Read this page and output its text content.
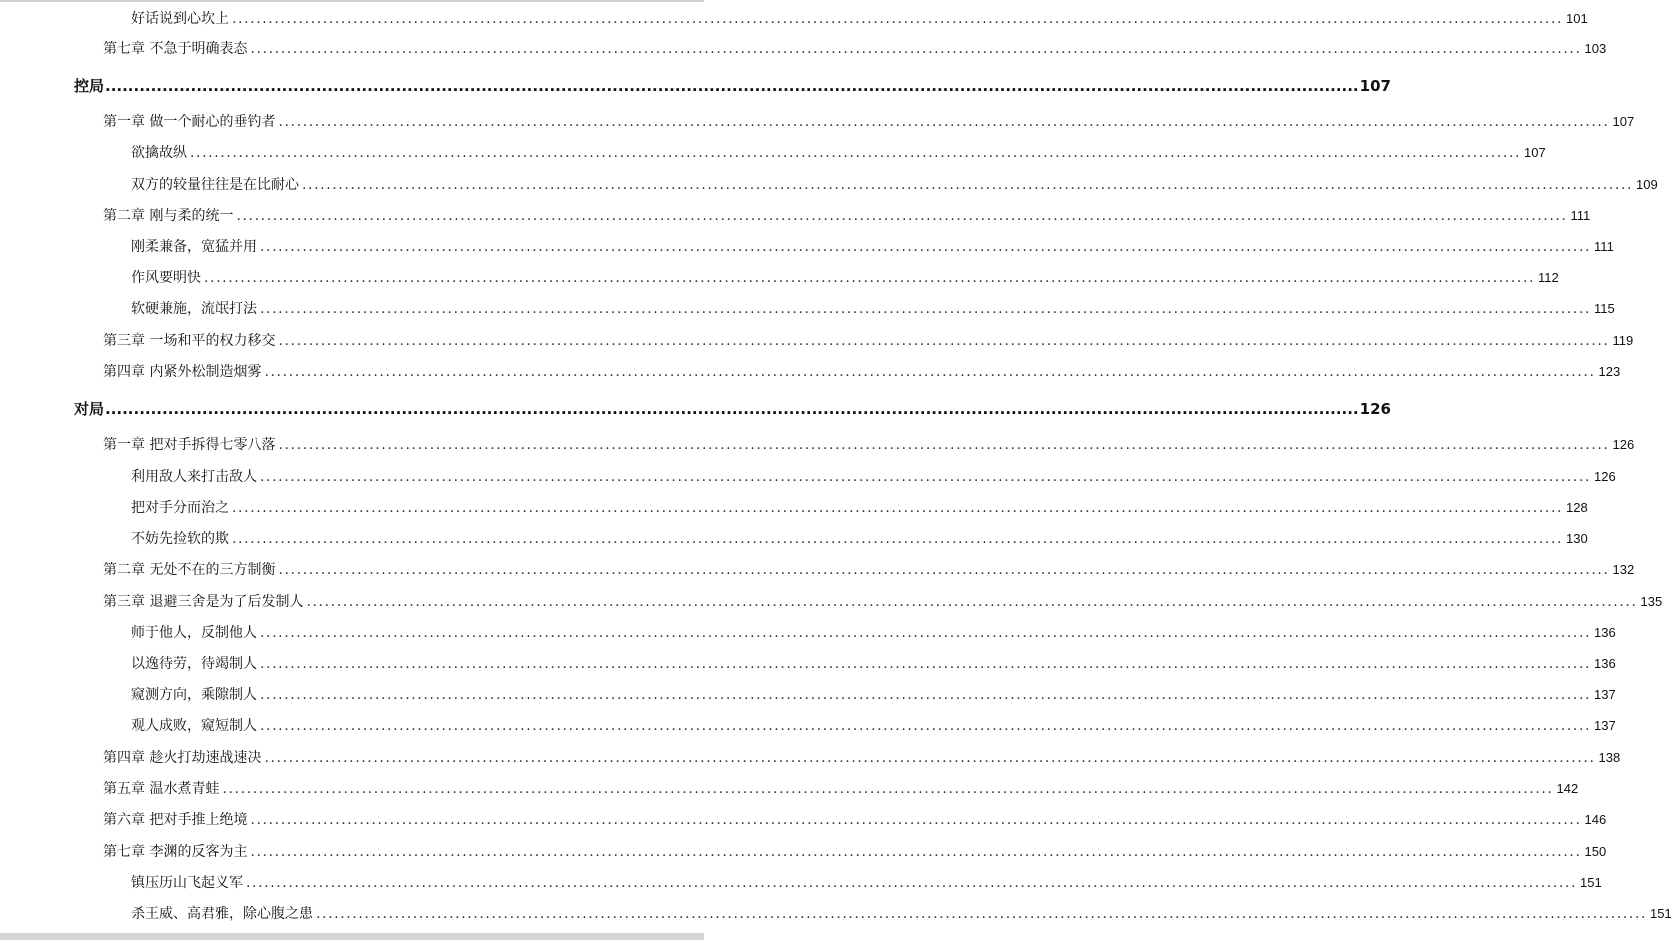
好话说到心坎上 ............................................................................................................................................................................................................................ 101
第七章 不急于明确表态 ............................................................................................................................................................................................................................ 103
控局 ............................................................................................................................................................................................................................ 107
第一章 做一个耐心的垂钓者 ............................................................................................................................................................................................................................ 107
欲擒故纵 ............................................................................................................................................................................................................................ 107
双方的较量往往是在比耐心 ............................................................................................................................................................................................................................ 109
第二章 刚与柔的统一 ............................................................................................................................................................................................................................ 111
刚柔兼备，宽猛并用 ............................................................................................................................................................................................................................ 111
作风要明快 ............................................................................................................................................................................................................................ 112
软硬兼施，流氓打法 ............................................................................................................................................................................................................................ 115
第三章 一场和平的权力移交 ............................................................................................................................................................................................................................ 119
第四章 内紧外松制造烟雾 ............................................................................................................................................................................................................................ 123
对局 ............................................................................................................................................................................................................................ 126
第一章 把对手拆得七零八落 ............................................................................................................................................................................................................................ 126
利用敌人来打击敌人 ............................................................................................................................................................................................................................ 126
把对手分而治之 ............................................................................................................................................................................................................................ 128
不妨先捡软的欺 ............................................................................................................................................................................................................................ 130
第二章 无处不在的三方制衡 ............................................................................................................................................................................................................................ 132
第三章 退避三舍是为了后发制人 ............................................................................................................................................................................................................................ 135
师于他人，反制他人 ............................................................................................................................................................................................................................ 136
以逸待劳，待竭制人 ............................................................................................................................................................................................................................ 136
窥测方向，乘隙制人 ............................................................................................................................................................................................................................ 137
观人成败，窥短制人 ............................................................................................................................................................................................................................ 137
第四章 趁火打劫速战速决 ............................................................................................................................................................................................................................ 138
第五章 温水煮青蛙 ............................................................................................................................................................................................................................ 142
第六章 把对手推上绝境 ............................................................................................................................................................................................................................ 146
第七章 李渊的反客为主 ............................................................................................................................................................................................................................ 150
镇压历山飞起义军 ............................................................................................................................................................................................................................ 151
杀王威、高君雅，除心腹之患 ............................................................................................................................................................................................................................ 151
